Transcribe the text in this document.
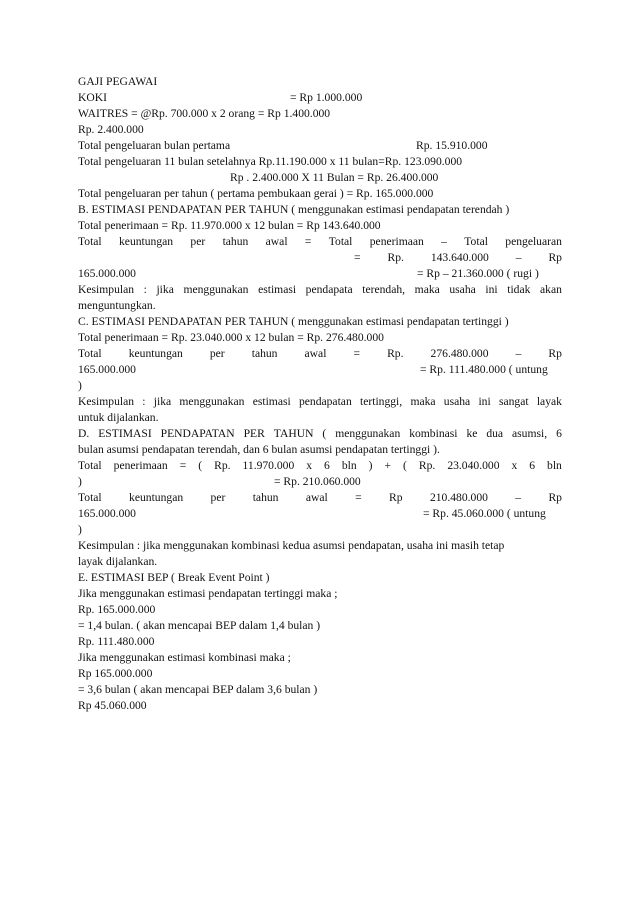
GAJI PEGAWAI
KOKI	= Rp 1.000.000
WAITRES = @Rp. 700.000 x 2 orang = Rp 1.400.000
Rp. 2.400.000
Total pengeluaran bulan pertama	Rp. 15.910.000
Total pengeluaran 11 bulan setelahnya Rp.11.190.000 x 11 bulan=Rp. 123.090.000
Rp . 2.400.000 X 11 Bulan = Rp. 26.400.000
Total pengeluaran per tahun ( pertama pembukaan gerai ) = Rp. 165.000.000
B. ESTIMASI PENDAPATAN PER TAHUN ( menggunakan estimasi pendapatan terendah )
Total penerimaan = Rp. 11.970.000 x 12 bulan = Rp 143.640.000
Total keuntungan per tahun awal = Total penerimaan – Total pengeluaran
= Rp. 143.640.000 – Rp
165.000.000	= Rp – 21.360.000 ( rugi )
Kesimpulan : jika menggunakan estimasi pendapata terendah, maka usaha ini tidak akan
menguntungkan.
C. ESTIMASI PENDAPATAN PER TAHUN ( menggunakan estimasi pendapatan tertinggi )
Total penerimaan = Rp. 23.040.000 x 12 bulan = Rp. 276.480.000
Total keuntungan per tahun awal = Rp. 276.480.000 – Rp
165.000.000	= Rp. 111.480.000 ( untung
)
Kesimpulan : jika menggunakan estimasi pendapatan tertinggi, maka usaha ini sangat layak
untuk dijalankan.
D. ESTIMASI PENDAPATAN PER TAHUN ( menggunakan kombinasi ke dua asumsi, 6
bulan asumsi pendapatan terendah, dan 6 bulan asumsi pendapatan tertinggi ).
Total penerimaan = ( Rp. 11.970.000 x 6 bln ) + ( Rp. 23.040.000 x 6 bln
)	= Rp. 210.060.000
Total keuntungan per tahun awal = Rp 210.480.000 – Rp
165.000.000	= Rp. 45.060.000 ( untung
)
Kesimpulan : jika menggunakan kombinasi kedua asumsi pendapatan, usaha ini masih tetap
layak dijalankan.
E. ESTIMASI BEP ( Break Event Point )
Jika menggunakan estimasi pendapatan tertinggi maka ;
Rp. 165.000.000
= 1,4 bulan. ( akan mencapai BEP dalam 1,4 bulan )
Rp. 111.480.000
Jika menggunakan estimasi kombinasi maka ;
Rp 165.000.000
= 3,6 bulan ( akan mencapai BEP dalam 3,6 bulan )
Rp 45.060.000
